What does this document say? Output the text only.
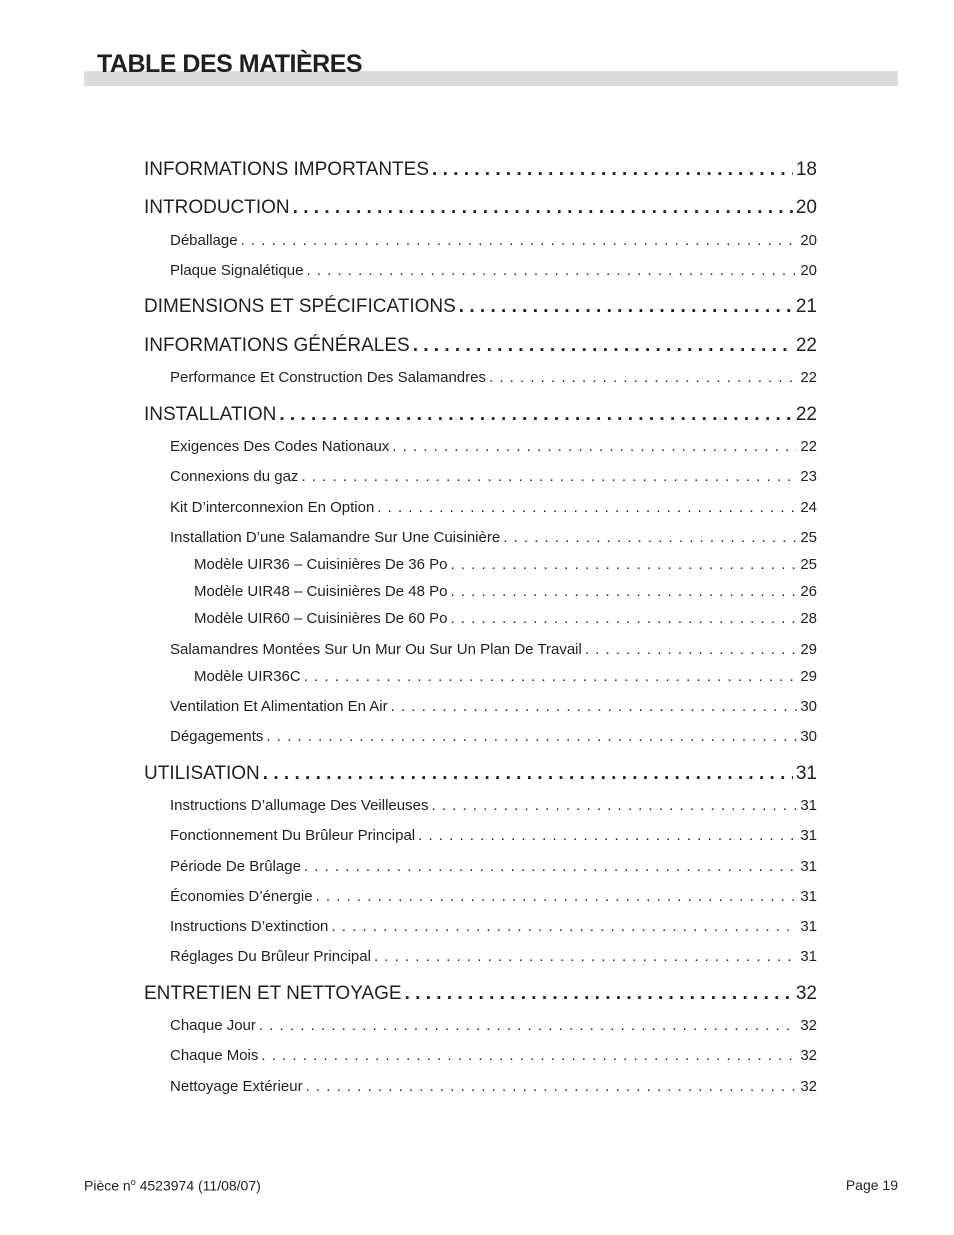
TABLE DES MATIÈRES
INFORMATIONS IMPORTANTES . . .	18
INTRODUCTION . . .	20
Déballage . . .	20
Plaque Signalétique . . .	20
DIMENSIONS ET SPÉCIFICATIONS . . .	21
INFORMATIONS GÉNÉRALES . . .	22
Performance Et Construction Des Salamandres . . .	22
INSTALLATION . . .	22
Exigences Des Codes Nationaux . . .	22
Connexions du gaz . . .	23
Kit D’interconnexion En Option . . .	24
Installation D’une Salamandre Sur Une Cuisinière . . .	25
Modèle UIR36 – Cuisinières De 36 Po . . .	25
Modèle UIR48 – Cuisinières De 48 Po . . .	26
Modèle UIR60 – Cuisinières De 60 Po . . .	28
Salamandres Montées Sur Un Mur Ou Sur Un Plan De Travail . . .	29
Modèle UIR36C . . .	29
Ventilation Et Alimentation En Air . . .	30
Dégagements . . .	30
UTILISATION . . .	31
Instructions D’allumage Des Veilleuses . . .	31
Fonctionnement Du Brûleur Principal . . .	31
Période De Brûlage . . .	31
Économies D’énergie . . .	31
Instructions D’extinction . . .	31
Réglages Du Brûleur Principal . . .	31
ENTRETIEN ET NETTOYAGE . . .	32
Chaque Jour . . .	32
Chaque Mois . . .	32
Nettoyage Extérieur . . .	32
Pièce $n^o$ 4523974 (11/08/07)	Page 19
